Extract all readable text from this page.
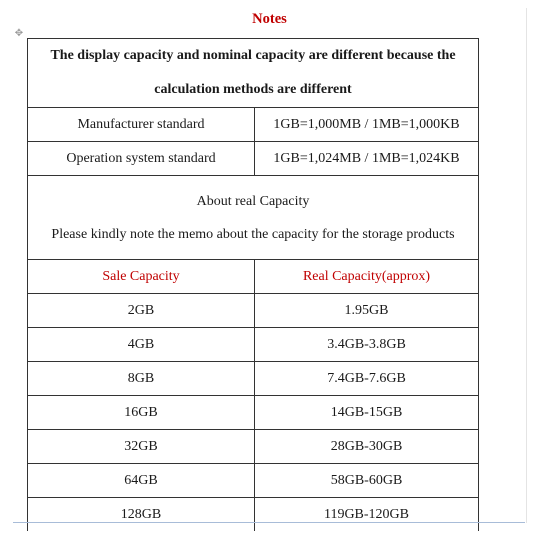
Notes
✥
The display capacity and nominal capacity are different because the
calculation methods are different	

Manufacturer standard	1GB=1,000MB / 1MB=1,000KB
Operation system standard	1GB=1,024MB / 1MB=1,024KB

About real Capacity
Please kindly note the memo about the capacity for the storage products	

Sale Capacity	Real Capacity(approx)
2GB	1.95GB
4GB	3.4GB-3.8GB
8GB	7.4GB-7.6GB
16GB	14GB-15GB
32GB	28GB-30GB
64GB	58GB-60GB
128GB	119GB-120GB
